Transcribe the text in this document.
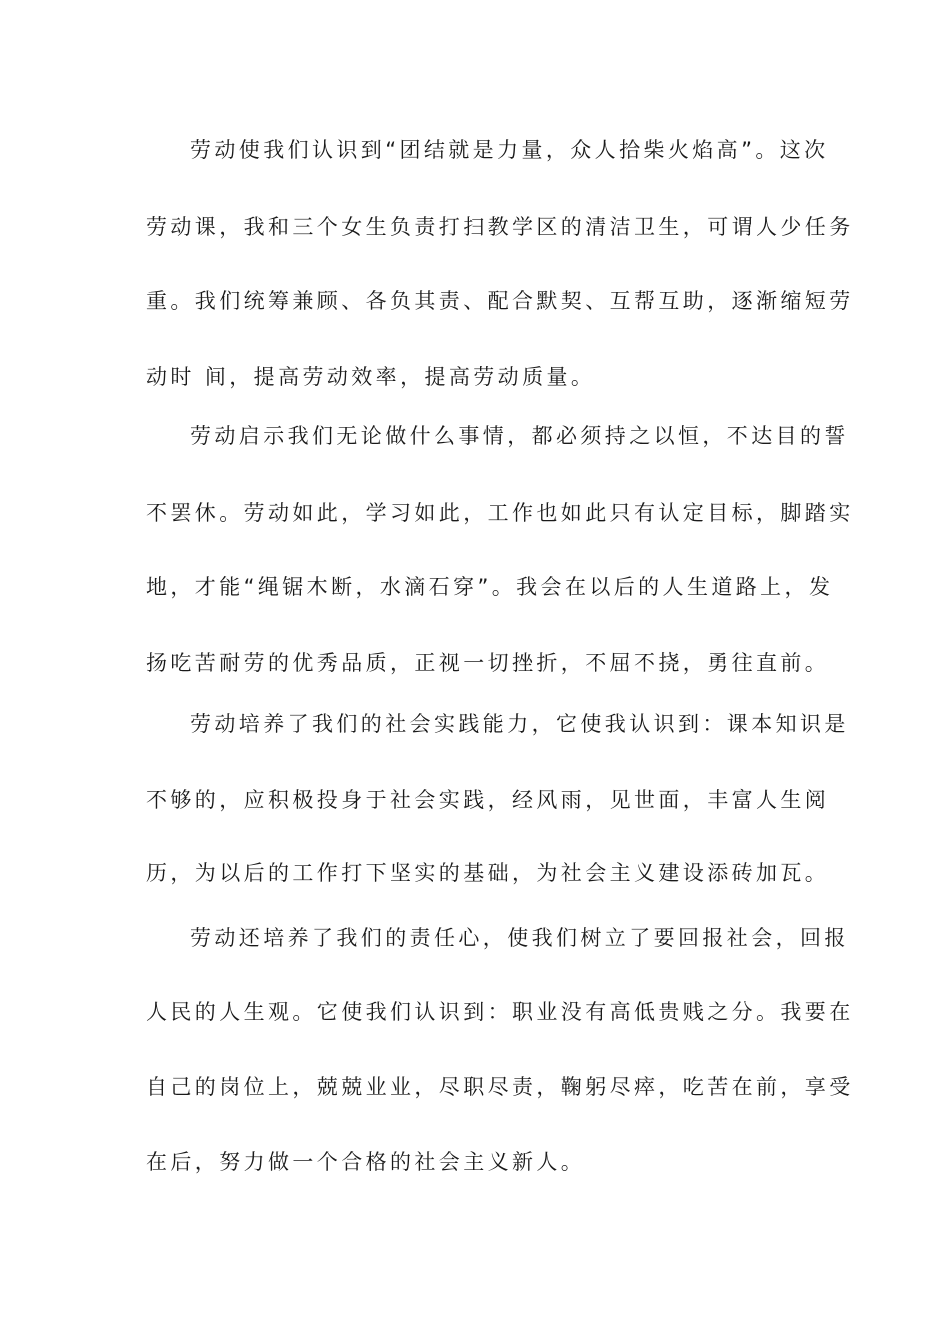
劳动使我们认识到“团结就是力量，众人拾柴火焰高”。这次

劳动课，我和三个女生负责打扫教学区的清洁卫生，可谓人少任务

重。我们统筹兼顾、各负其责、配合默契、互帮互助，逐渐缩短劳

动时 间，提高劳动效率，提高劳动质量。

劳动启示我们无论做什么事情，都必须持之以恒，不达目的誓

不罢休。劳动如此，学习如此，工作也如此只有认定目标，脚踏实

地，才能“绳锯木断，水滴石穿”。我会在以后的人生道路上，发

扬吃苦耐劳的优秀品质，正视一切挫折，不屈不挠，勇往直前。

劳动培养了我们的社会实践能力，它使我认识到：课本知识是

不够的，应积极投身于社会实践，经风雨，见世面，丰富人生阅

历，为以后的工作打下坚实的基础，为社会主义建设添砖加瓦。

劳动还培养了我们的责任心，使我们树立了要回报社会，回报

人民的人生观。它使我们认识到：职业没有高低贵贱之分。我要在

自己的岗位上，兢兢业业，尽职尽责，鞠躬尽瘁，吃苦在前，享受

在后，努力做一个合格的社会主义新人。
